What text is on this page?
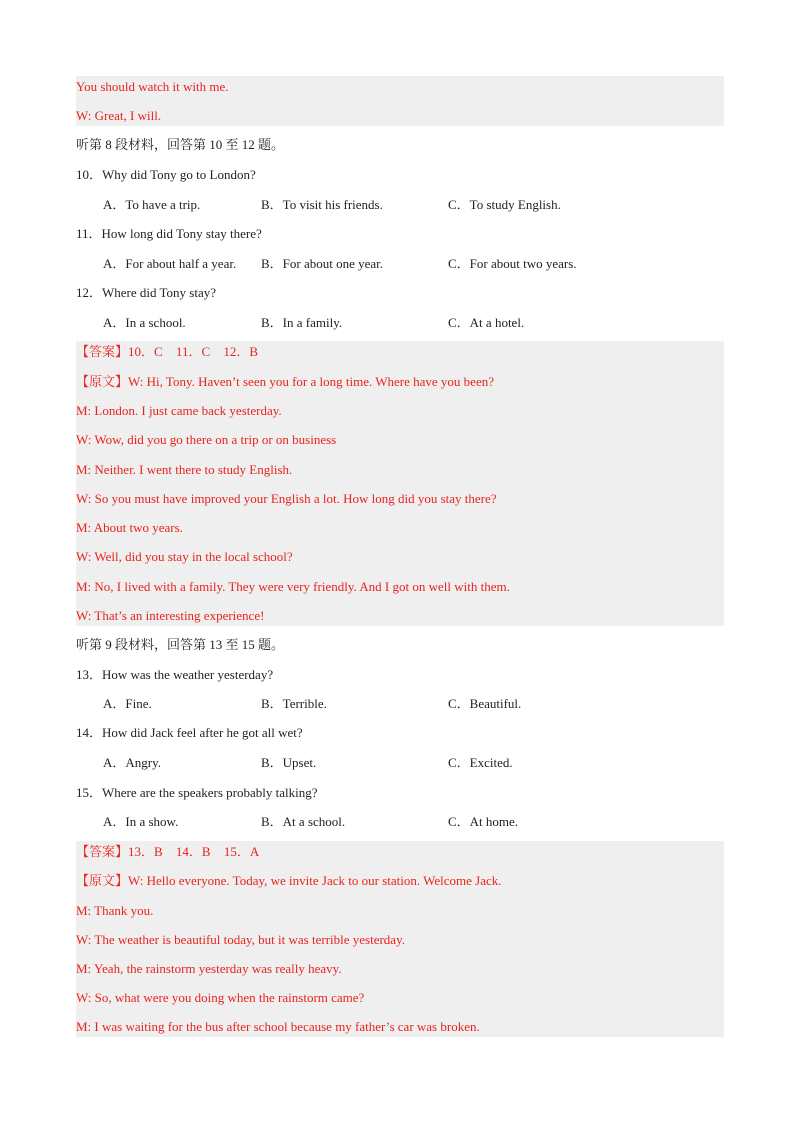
You should watch it with me.
W: Great, I will.
听第 8 段材料，回答第 10 至 12 题。
10．Why did Tony go to London?
A．To have a trip.	B．To visit his friends.	C．To study English.
11．How long did Tony stay there?
A．For about half a year. B．For about one year.	C．For about two years.
12．Where did Tony stay?
A．In a school.	B．In a family.	C．At a hotel.
【答案】10．C 11．C 12．B
【原文】W: Hi, Tony. Haven’t seen you for a long time. Where have you been?
M: London. I just came back yesterday.
W: Wow, did you go there on a trip or on business
M: Neither. I went there to study English.
W: So you must have improved your English a lot. How long did you stay there?
M: About two years.
W: Well, did you stay in the local school?
M: No, I lived with a family. They were very friendly. And I got on well with them.
W: That’s an interesting experience!
听第 9 段材料，回答第 13 至 15 题。
13．How was the weather yesterday?
A．Fine.	B．Terrible.	C．Beautiful.
14．How did Jack feel after he got all wet?
A．Angry.	B．Upset.	C．Excited.
15．Where are the speakers probably talking?
A．In a show.	B．At a school.	C．At home.
【答案】13．B 14．B 15．A
【原文】W: Hello everyone. Today, we invite Jack to our station. Welcome Jack.
M: Thank you.
W: The weather is beautiful today, but it was terrible yesterday.
M: Yeah, the rainstorm yesterday was really heavy.
W: So, what were you doing when the rainstorm came?
M: I was waiting for the bus after school because my father’s car was broken.
